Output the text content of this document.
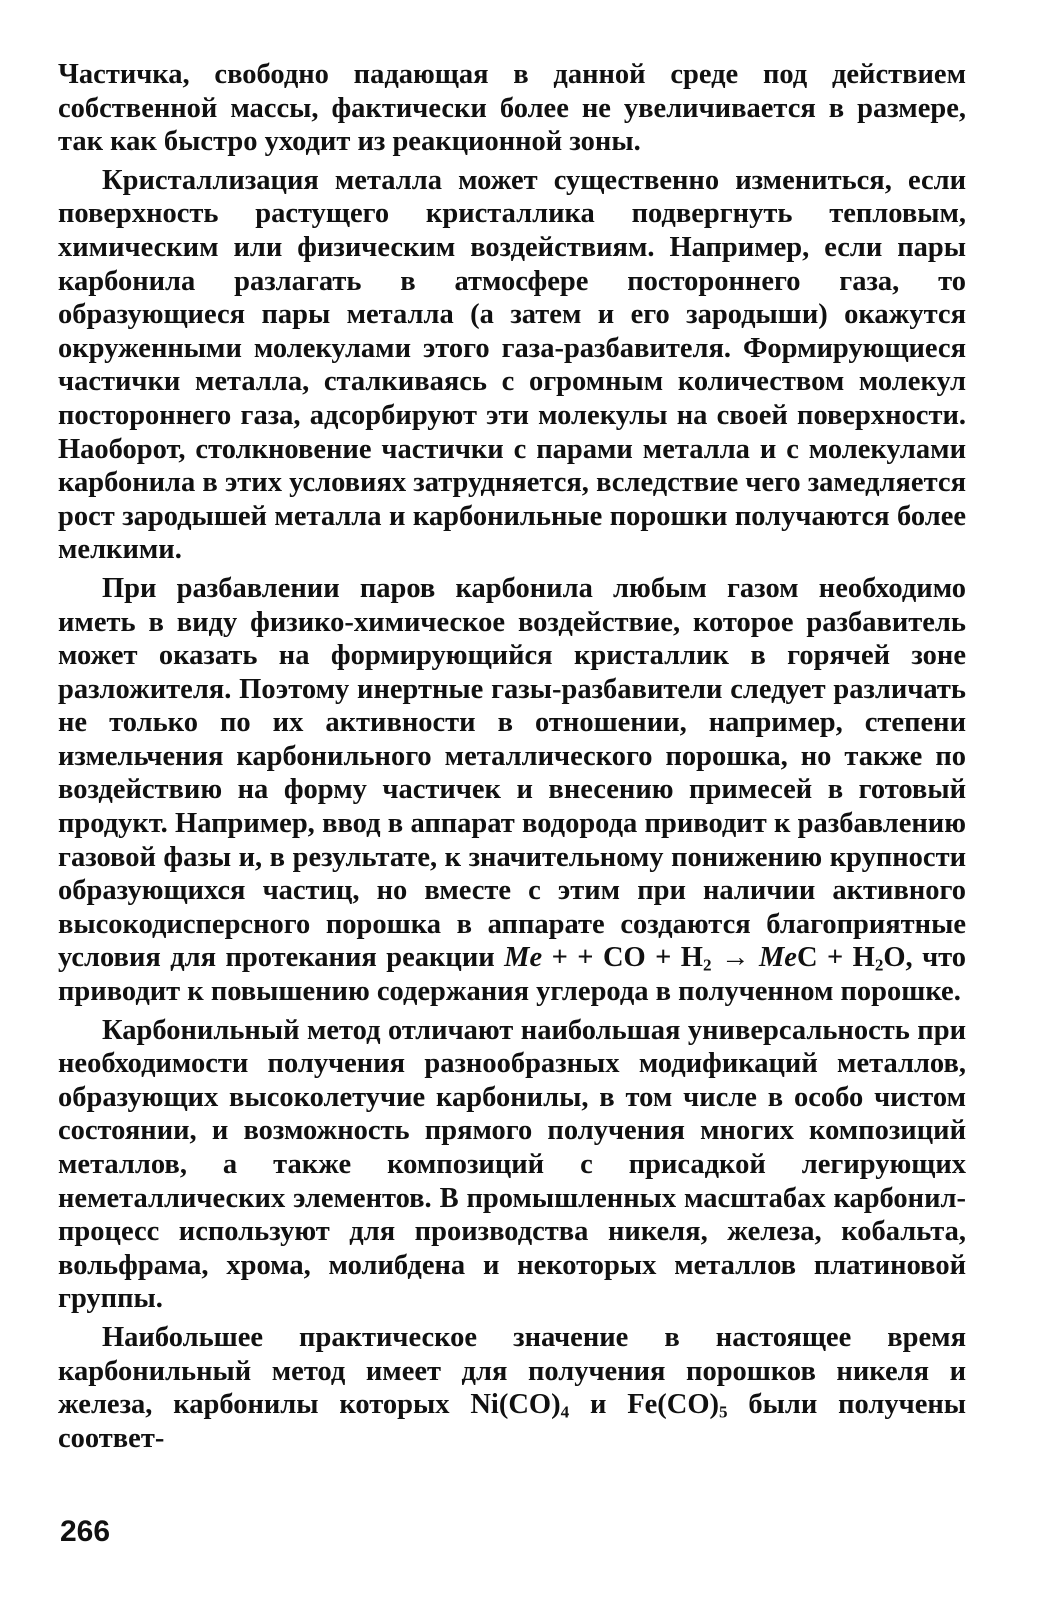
Частичка, свободно падающая в данной среде под действием собственной массы, фактически более не увеличивается в размере, так как быстро уходит из реакционной зоны.

Кристаллизация металла может существенно измениться, если поверхность растущего кристаллика подвергнуть тепловым, химическим или физическим воздействиям. Например, если пары карбонила разлагать в атмосфере постороннего газа, то образующиеся пары металла (а затем и его зародыши) окажутся окруженными молекулами этого газа-разбавителя. Формирующиеся частички металла, сталкиваясь с огромным количеством молекул постороннего газа, адсорбируют эти молекулы на своей поверхности. Наоборот, столкновение частички с парами металла и с молекулами карбонила в этих условиях затрудняется, вследствие чего замедляется рост зародышей металла и карбонильные порошки получаются более мелкими.

При разбавлении паров карбонила любым газом необходимо иметь в виду физико-химическое воздействие, которое разбавитель может оказать на формирующийся кристаллик в горячей зоне разложителя. Поэтому инертные газы-разбавители следует различать не только по их активности в отношении, например, степени измельчения карбонильного металлического порошка, но также по воздействию на форму частичек и внесению примесей в готовый продукт. Например, ввод в аппарат водорода приводит к разбавлению газовой фазы и, в результате, к значительному понижению крупности образующихся частиц, но вместе с этим при наличии активного высокодисперсного порошка в аппарате создаются благоприятные условия для протекания реакции Me + + CO + $H_2$ → MeC + $H_2O$, что приводит к повышению содержания углерода в полученном порошке.

Карбонильный метод отличают наибольшая универсальность при необходимости получения разнообразных модификаций металлов, образующих высоколетучие карбонилы, в том числе в особо чистом состоянии, и возможность прямого получения многих композиций металлов, а также композиций с присадкой легирующих неметаллических элементов. В промышленных масштабах карбонил-процесс используют для производства никеля, железа, кобальта, вольфрама, хрома, молибдена и некоторых металлов платиновой группы.

Наибольшее практическое значение в настоящее время карбонильный метод имеет для получения порошков никеля и железа, карбонилы которых $Ni(CO)_4$ и $Fe(CO)_5$ были получены соответ-

266
